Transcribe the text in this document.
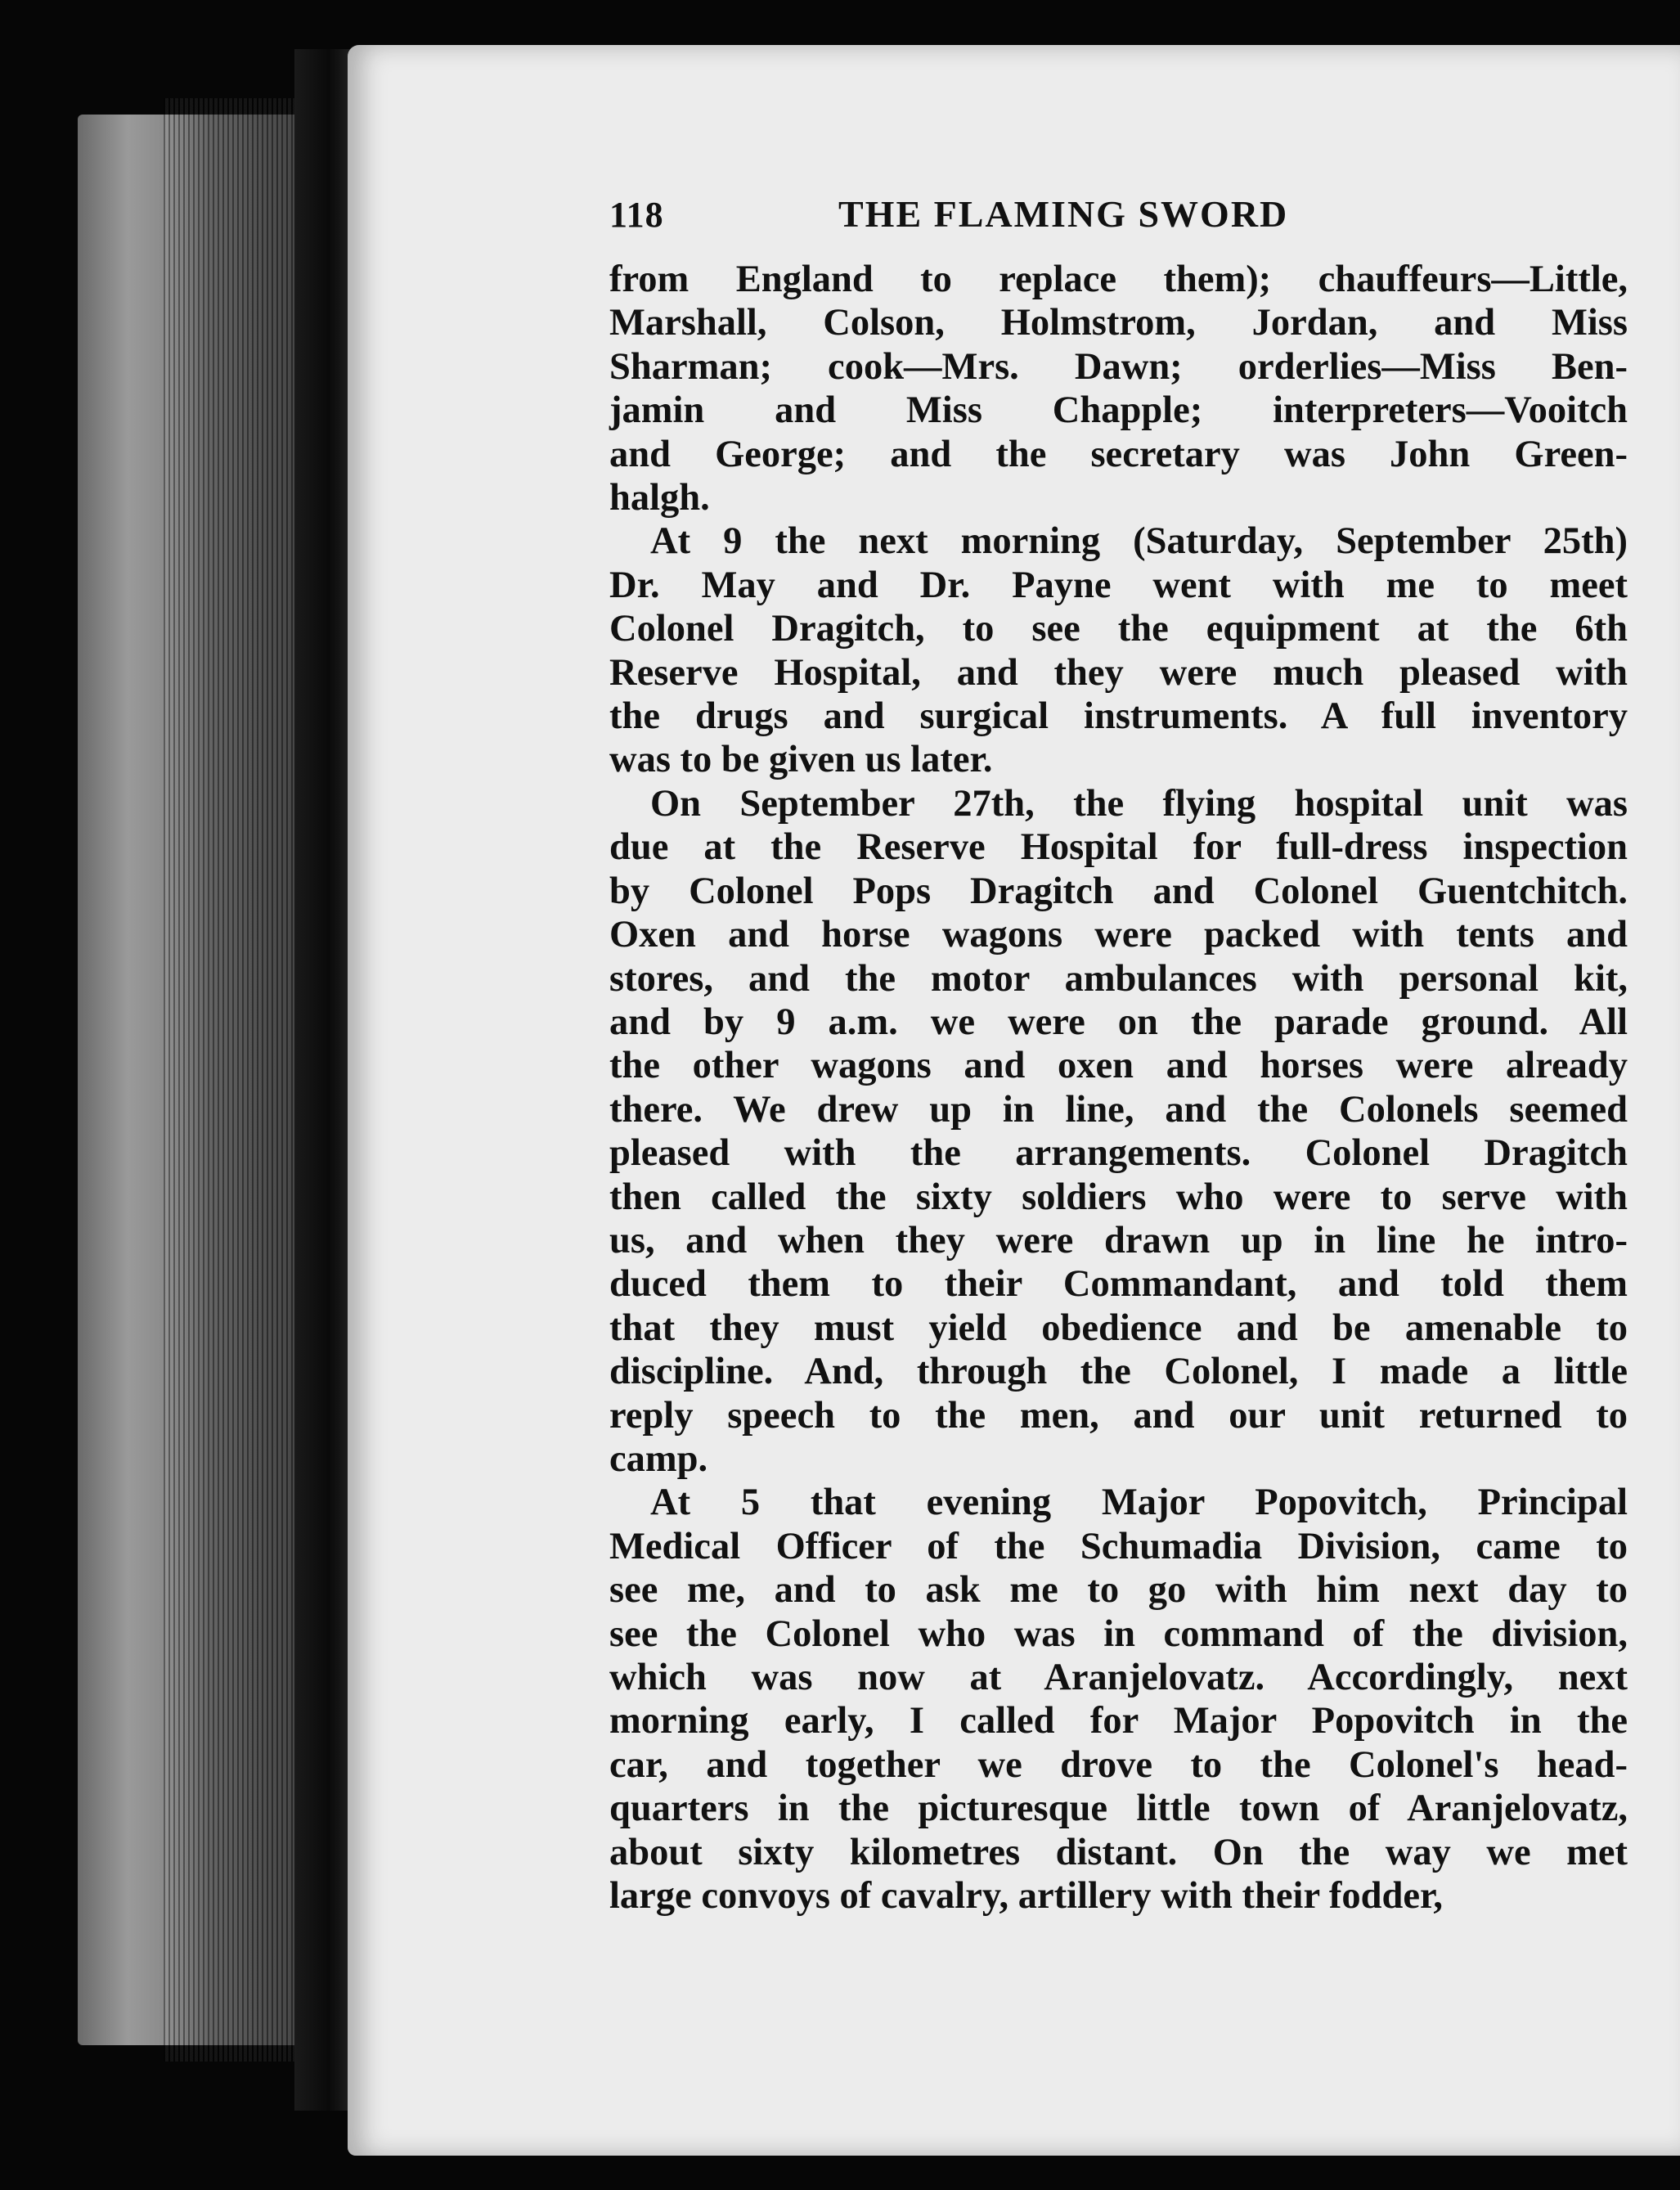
118	THE FLAMING SWORD

from England to replace them); chauffeurs—Little,
Marshall, Colson, Holmstrom, Jordan, and Miss
Sharman; cook—Mrs. Dawn; orderlies—Miss Ben-
jamin and Miss Chapple; interpreters—Vooitch
and George; and the secretary was John Green-
halgh.

At 9 the next morning (Saturday, September 25th)
Dr. May and Dr. Payne went with me to meet
Colonel Dragitch, to see the equipment at the 6th
Reserve Hospital, and they were much pleased with
the drugs and surgical instruments. A full inventory
was to be given us later.

On September 27th, the flying hospital unit was
due at the Reserve Hospital for full-dress inspection
by Colonel Pops Dragitch and Colonel Guentchitch.
Oxen and horse wagons were packed with tents and
stores, and the motor ambulances with personal kit,
and by 9 a.m. we were on the parade ground. All
the other wagons and oxen and horses were already
there. We drew up in line, and the Colonels seemed
pleased with the arrangements. Colonel Dragitch
then called the sixty soldiers who were to serve with
us, and when they were drawn up in line he intro-
duced them to their Commandant, and told them
that they must yield obedience and be amenable to
discipline. And, through the Colonel, I made a little
reply speech to the men, and our unit returned to
camp.

At 5 that evening Major Popovitch, Principal
Medical Officer of the Schumadia Division, came to
see me, and to ask me to go with him next day to
see the Colonel who was in command of the division,
which was now at Aranjelovatz. Accordingly, next
morning early, I called for Major Popovitch in the
car, and together we drove to the Colonel's head-
quarters in the picturesque little town of Aranjelovatz,
about sixty kilometres distant. On the way we met
large convoys of cavalry, artillery with their fodder,
